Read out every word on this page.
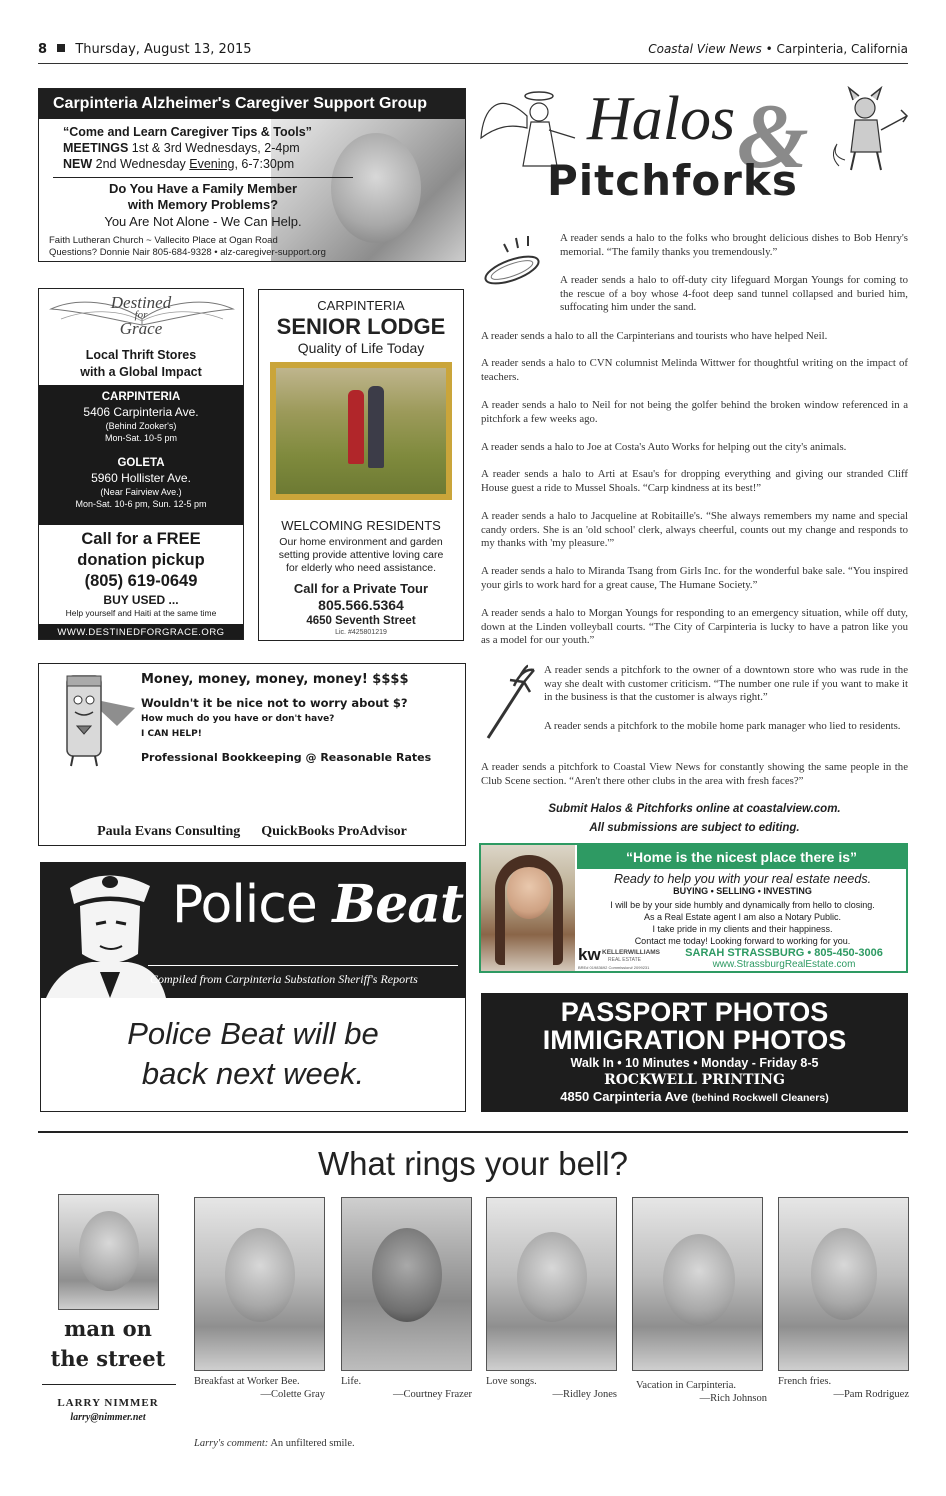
8 Thursday, August 13, 2015	Coastal View News • Carpinteria, California
Carpinteria Alzheimer's Caregiver Support Group
“Come and Learn Caregiver Tips & Tools”
MEETINGS 1st & 3rd Wednesdays, 2-4pm
NEW 2nd Wednesday Evening, 6-7:30pm
Do You Have a Family Member
with Memory Problems?
You Are Not Alone - We Can Help.
Faith Lutheran Church ~ Vallecito Place at Ogan Road
Questions? Donnie Nair 805-684-9328 • alz-caregiver-support.org
Destined
for
Grace
Local Thrift Stores
with a Global Impact
CARPINTERIA
5406 Carpinteria Ave.
(Behind Zooker's)
Mon-Sat. 10-5 pm
GOLETA
5960 Hollister Ave.
(Near Fairview Ave.)
Mon-Sat. 10-6 pm, Sun. 12-5 pm
Call for a FREE
donation pickup
(805) 619-0649
BUY USED ...
Help yourself and Haiti at the same time
WWW.DESTINEDFORGRACE.ORG
CARPINTERIA
SENIOR LODGE
Quality of Life Today
WELCOMING RESIDENTS
Our home environment and garden
setting provide attentive loving care
for elderly who need assistance.
Call for a Private Tour
805.566.5364
4650 Seventh Street
Lic. #425801219
Money, money, money, money! $$$$
Wouldn't it be nice not to worry about $?
How much do you have or don't have?
I CAN HELP!
Professional Bookkeeping @ Reasonable Rates

Paula Evans Consulting      QuickBooks ProAdvisor

Police Beat
Compiled from Carpinteria Substation Sheriff's Reports
Police Beat will be
back next week.
Halos &
Pitchforks
A reader sends a halo to the folks who brought delicious dishes to Bob Henry's memorial. “The family thanks you tremendously.”
A reader sends a halo to off-duty city lifeguard Morgan Youngs for coming to the rescue of a boy whose 4-foot deep sand tunnel collapsed and buried him, suffocating him under the sand.
A reader sends a halo to all the Carpinterians and tourists who have helped Neil.
A reader sends a halo to CVN columnist Melinda Wittwer for thoughtful writing on the impact of teachers.
A reader sends a halo to Neil for not being the golfer behind the broken window referenced in a pitchfork a few weeks ago.
A reader sends a halo to Joe at Costa's Auto Works for helping out the city's animals.
A reader sends a halo to Arti at Esau's for dropping everything and giving our stranded Cliff House guest a ride to Mussel Shoals. “Carp kindness at its best!”
A reader sends a halo to Jacqueline at Robitaille's. “She always remembers my name and special candy orders. She is an 'old school' clerk, always cheerful, counts out my change and responds to my thanks with 'my pleasure.'”
A reader sends a halo to Miranda Tsang from Girls Inc. for the wonderful bake sale. “You inspired your girls to work hard for a great cause, The Humane Society.”
A reader sends a halo to Morgan Youngs for responding to an emergency situation, while off duty, down at the Linden volleyball courts. “The City of Carpinteria is lucky to have a patron like you as a model for our youth.”
A reader sends a pitchfork to the owner of a downtown store who was rude in the way she dealt with customer criticism. “The number one rule if you want to make it in the business is that the customer is always right.”
A reader sends a pitchfork to the mobile home park manager who lied to residents.
A reader sends a pitchfork to Coastal View News for constantly showing the same people in the Club Scene section. “Aren't there other clubs in the area with fresh faces?”
Submit Halos & Pitchforks online at coastalview.com.
All submissions are subject to editing.
“Home is the nicest place there is”
Ready to help you with your real estate needs.
BUYING • SELLING • INVESTING
I will be by your side humbly and dynamically from hello to closing.
As a Real Estate agent I am also a Notary Public.
I take pride in my clients and their happiness.
Contact me today! Looking forward to working for you.
kw KELLERWILLIAMS
REAL ESTATE
BRE# 01983692 Commission# 2099231
SARAH STRASSBURG • 805-450-3006
www.StrassburgRealEstate.com
PASSPORT PHOTOS
IMMIGRATION PHOTOS
Walk In • 10 Minutes • Monday - Friday 8-5
ROCKWELL PRINTING
4850 Carpinteria Ave (behind Rockwell Cleaners)
What rings your bell?
man on
the street
LARRY NIMMER
larry@nimmer.net
Breakfast at Worker Bee.
—Colette Gray
Life.
—Courtney Frazer
Love songs.
—Ridley Jones
Vacation in Carpinteria.
—Rich Johnson
French fries.
—Pam Rodriguez
Larry's comment: An unfiltered smile.
